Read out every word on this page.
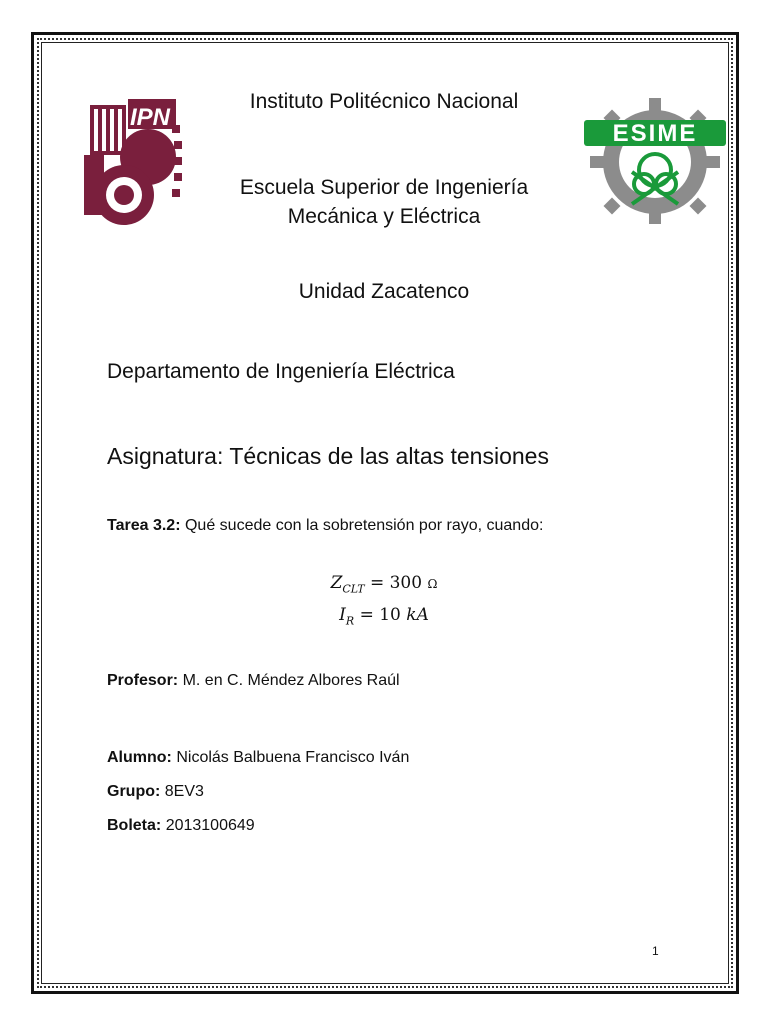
IPN
ESIME
Instituto Politécnico Nacional
Escuela Superior de Ingeniería
Mecánica y Eléctrica
Unidad Zacatenco
Departamento de Ingeniería Eléctrica
Asignatura: Técnicas de las altas tensiones
Tarea 3.2: Qué sucede con la sobretensión por rayo, cuando:
$Z_{CLT} = 300$ Ω
$I_R = 10$ kA
Profesor: M. en C. Méndez Albores Raúl
Alumno: Nicolás Balbuena Francisco Iván
Grupo: 8EV3
Boleta: 2013100649
1
